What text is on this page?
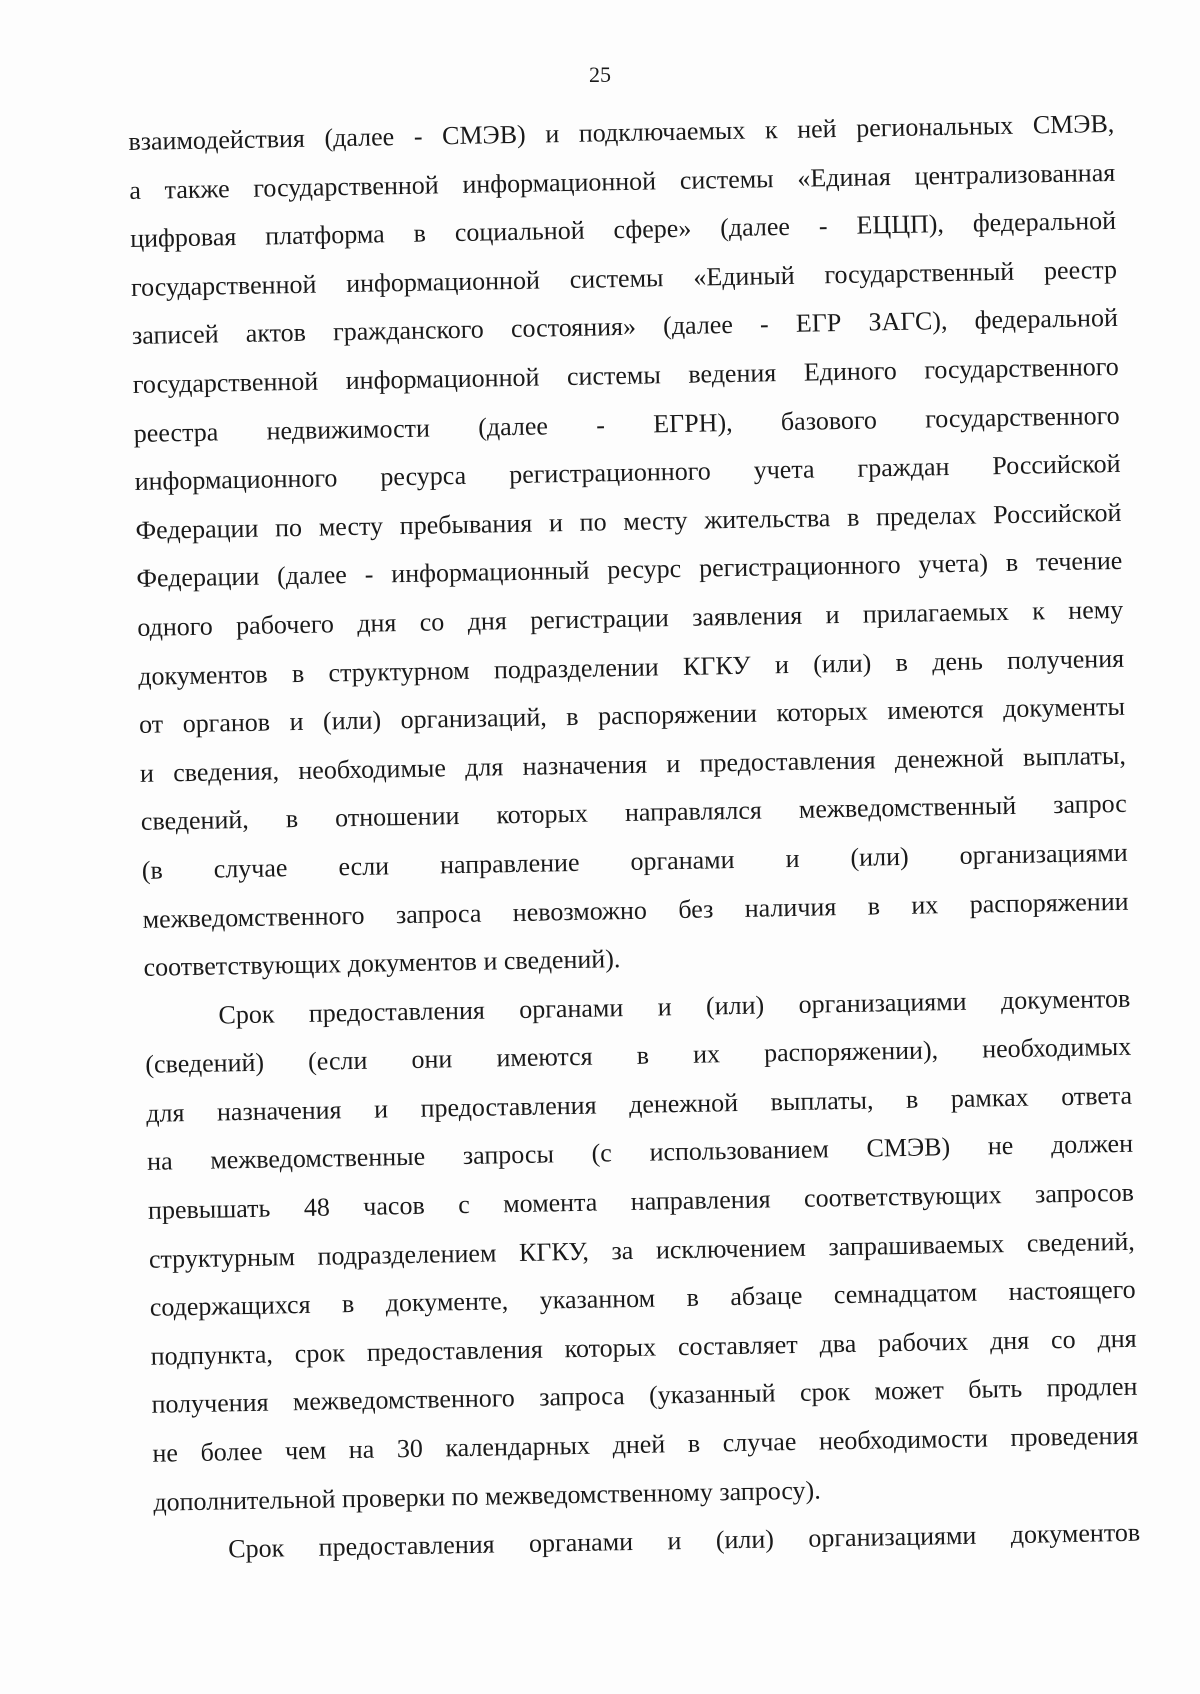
25
взаимодействия (далее - СМЭВ) и подключаемых к ней региональных СМЭВ,
а также государственной информационной системы «Единая централизованная
цифровая платформа в социальной сфере» (далее - ЕЦЦП), федеральной
государственной информационной системы «Единый государственный реестр
записей актов гражданского состояния» (далее - ЕГР ЗАГС), федеральной
государственной информационной системы ведения Единого государственного
реестра недвижимости (далее - ЕГРН), базового государственного
информационного ресурса регистрационного учета граждан Российской
Федерации по месту пребывания и по месту жительства в пределах Российской
Федерации (далее - информационный ресурс регистрационного учета) в течение
одного рабочего дня со дня регистрации заявления и прилагаемых к нему
документов в структурном подразделении КГКУ и (или) в день получения
от органов и (или) организаций, в распоряжении которых имеются документы
и сведения, необходимые для назначения и предоставления денежной выплаты,
сведений, в отношении которых направлялся межведомственный запрос
(в случае если направление органами и (или) организациями
межведомственного запроса невозможно без наличия в их распоряжении
соответствующих документов и сведений).
Срок предоставления органами и (или) организациями документов
(сведений) (если они имеются в их распоряжении), необходимых
для назначения и предоставления денежной выплаты, в рамках ответа
на межведомственные запросы (с использованием СМЭВ) не должен
превышать 48 часов с момента направления соответствующих запросов
структурным подразделением КГКУ, за исключением запрашиваемых сведений,
содержащихся в документе, указанном в абзаце семнадцатом настоящего
подпункта, срок предоставления которых составляет два рабочих дня со дня
получения межведомственного запроса (указанный срок может быть продлен
не более чем на 30 календарных дней в случае необходимости проведения
дополнительной проверки по межведомственному запросу).
Срок предоставления органами и (или) организациями документов
